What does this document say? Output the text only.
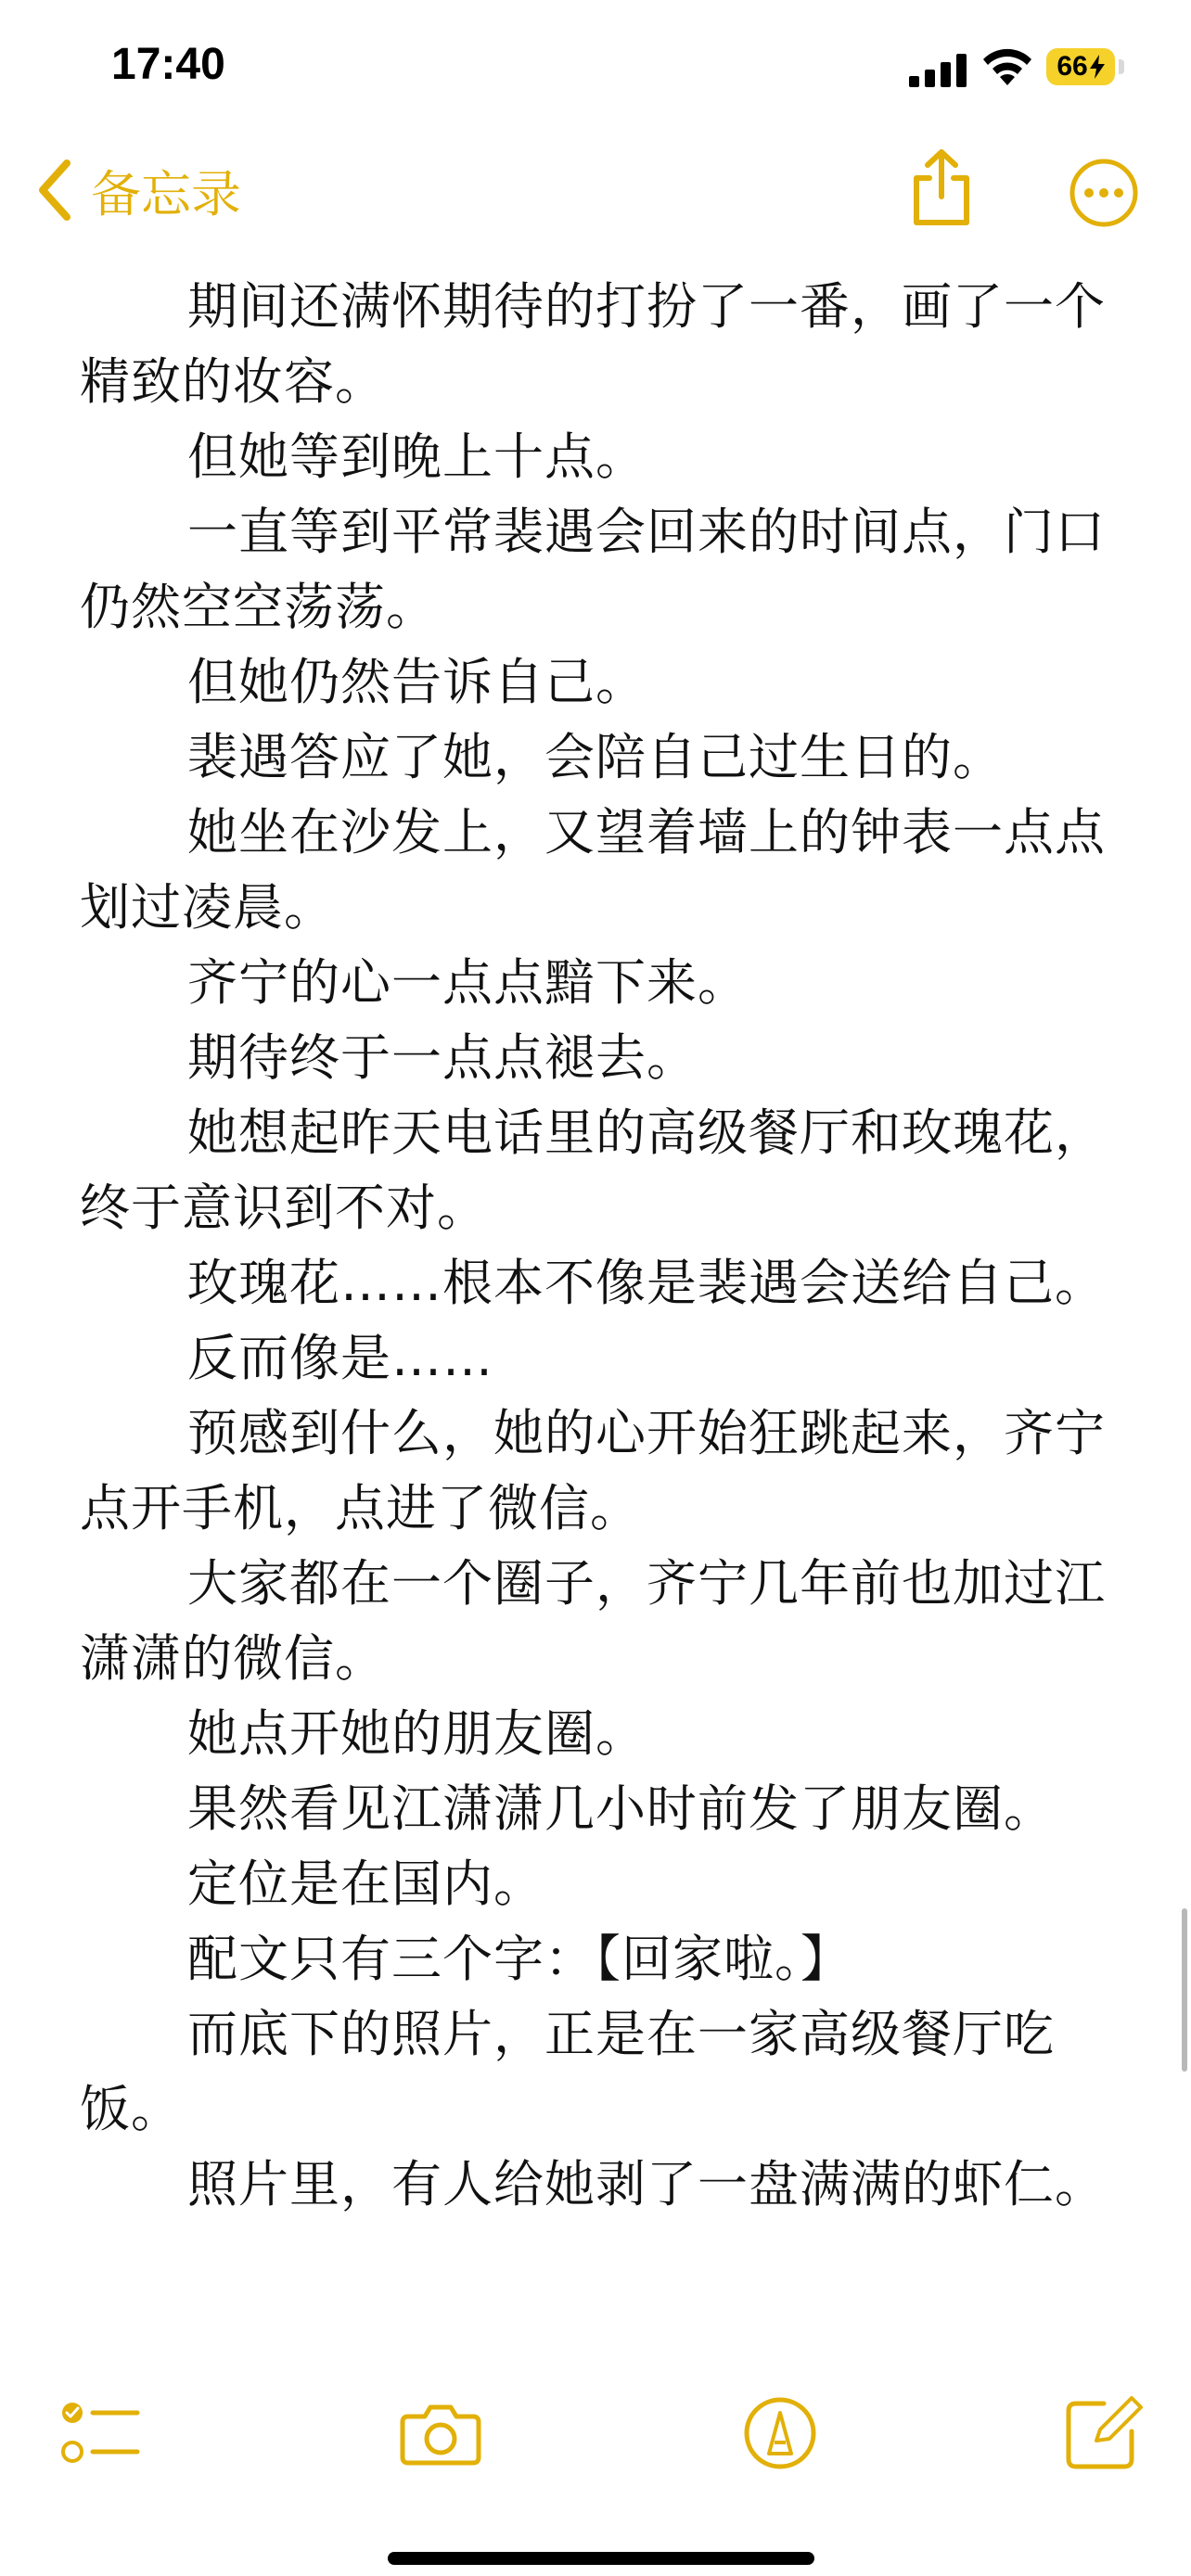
17:40	66
备忘录

期间还满怀期待的打扮了一番，画了一个精致的妆容。

但她等到晚上十点。

一直等到平常裴遇会回来的时间点，门口仍然空空荡荡。

但她仍然告诉自己。

裴遇答应了她，会陪自己过生日的。

她坐在沙发上，又望着墙上的钟表一点点划过凌晨。

齐宁的心一点点黯下来。

期待终于一点点褪去。

她想起昨天电话里的高级餐厅和玫瑰花，终于意识到不对。

玫瑰花……根本不像是裴遇会送给自己。

反而像是……

预感到什么，她的心开始狂跳起来，齐宁点开手机，点进了微信。

大家都在一个圈子，齐宁几年前也加过江潇潇的微信。

她点开她的朋友圈。

果然看见江潇潇几小时前发了朋友圈。

定位是在国内。

配文只有三个字：【回家啦。】

而底下的照片，正是在一家高级餐厅吃饭。

照片里，有人给她剥了一盘满满的虾仁。
